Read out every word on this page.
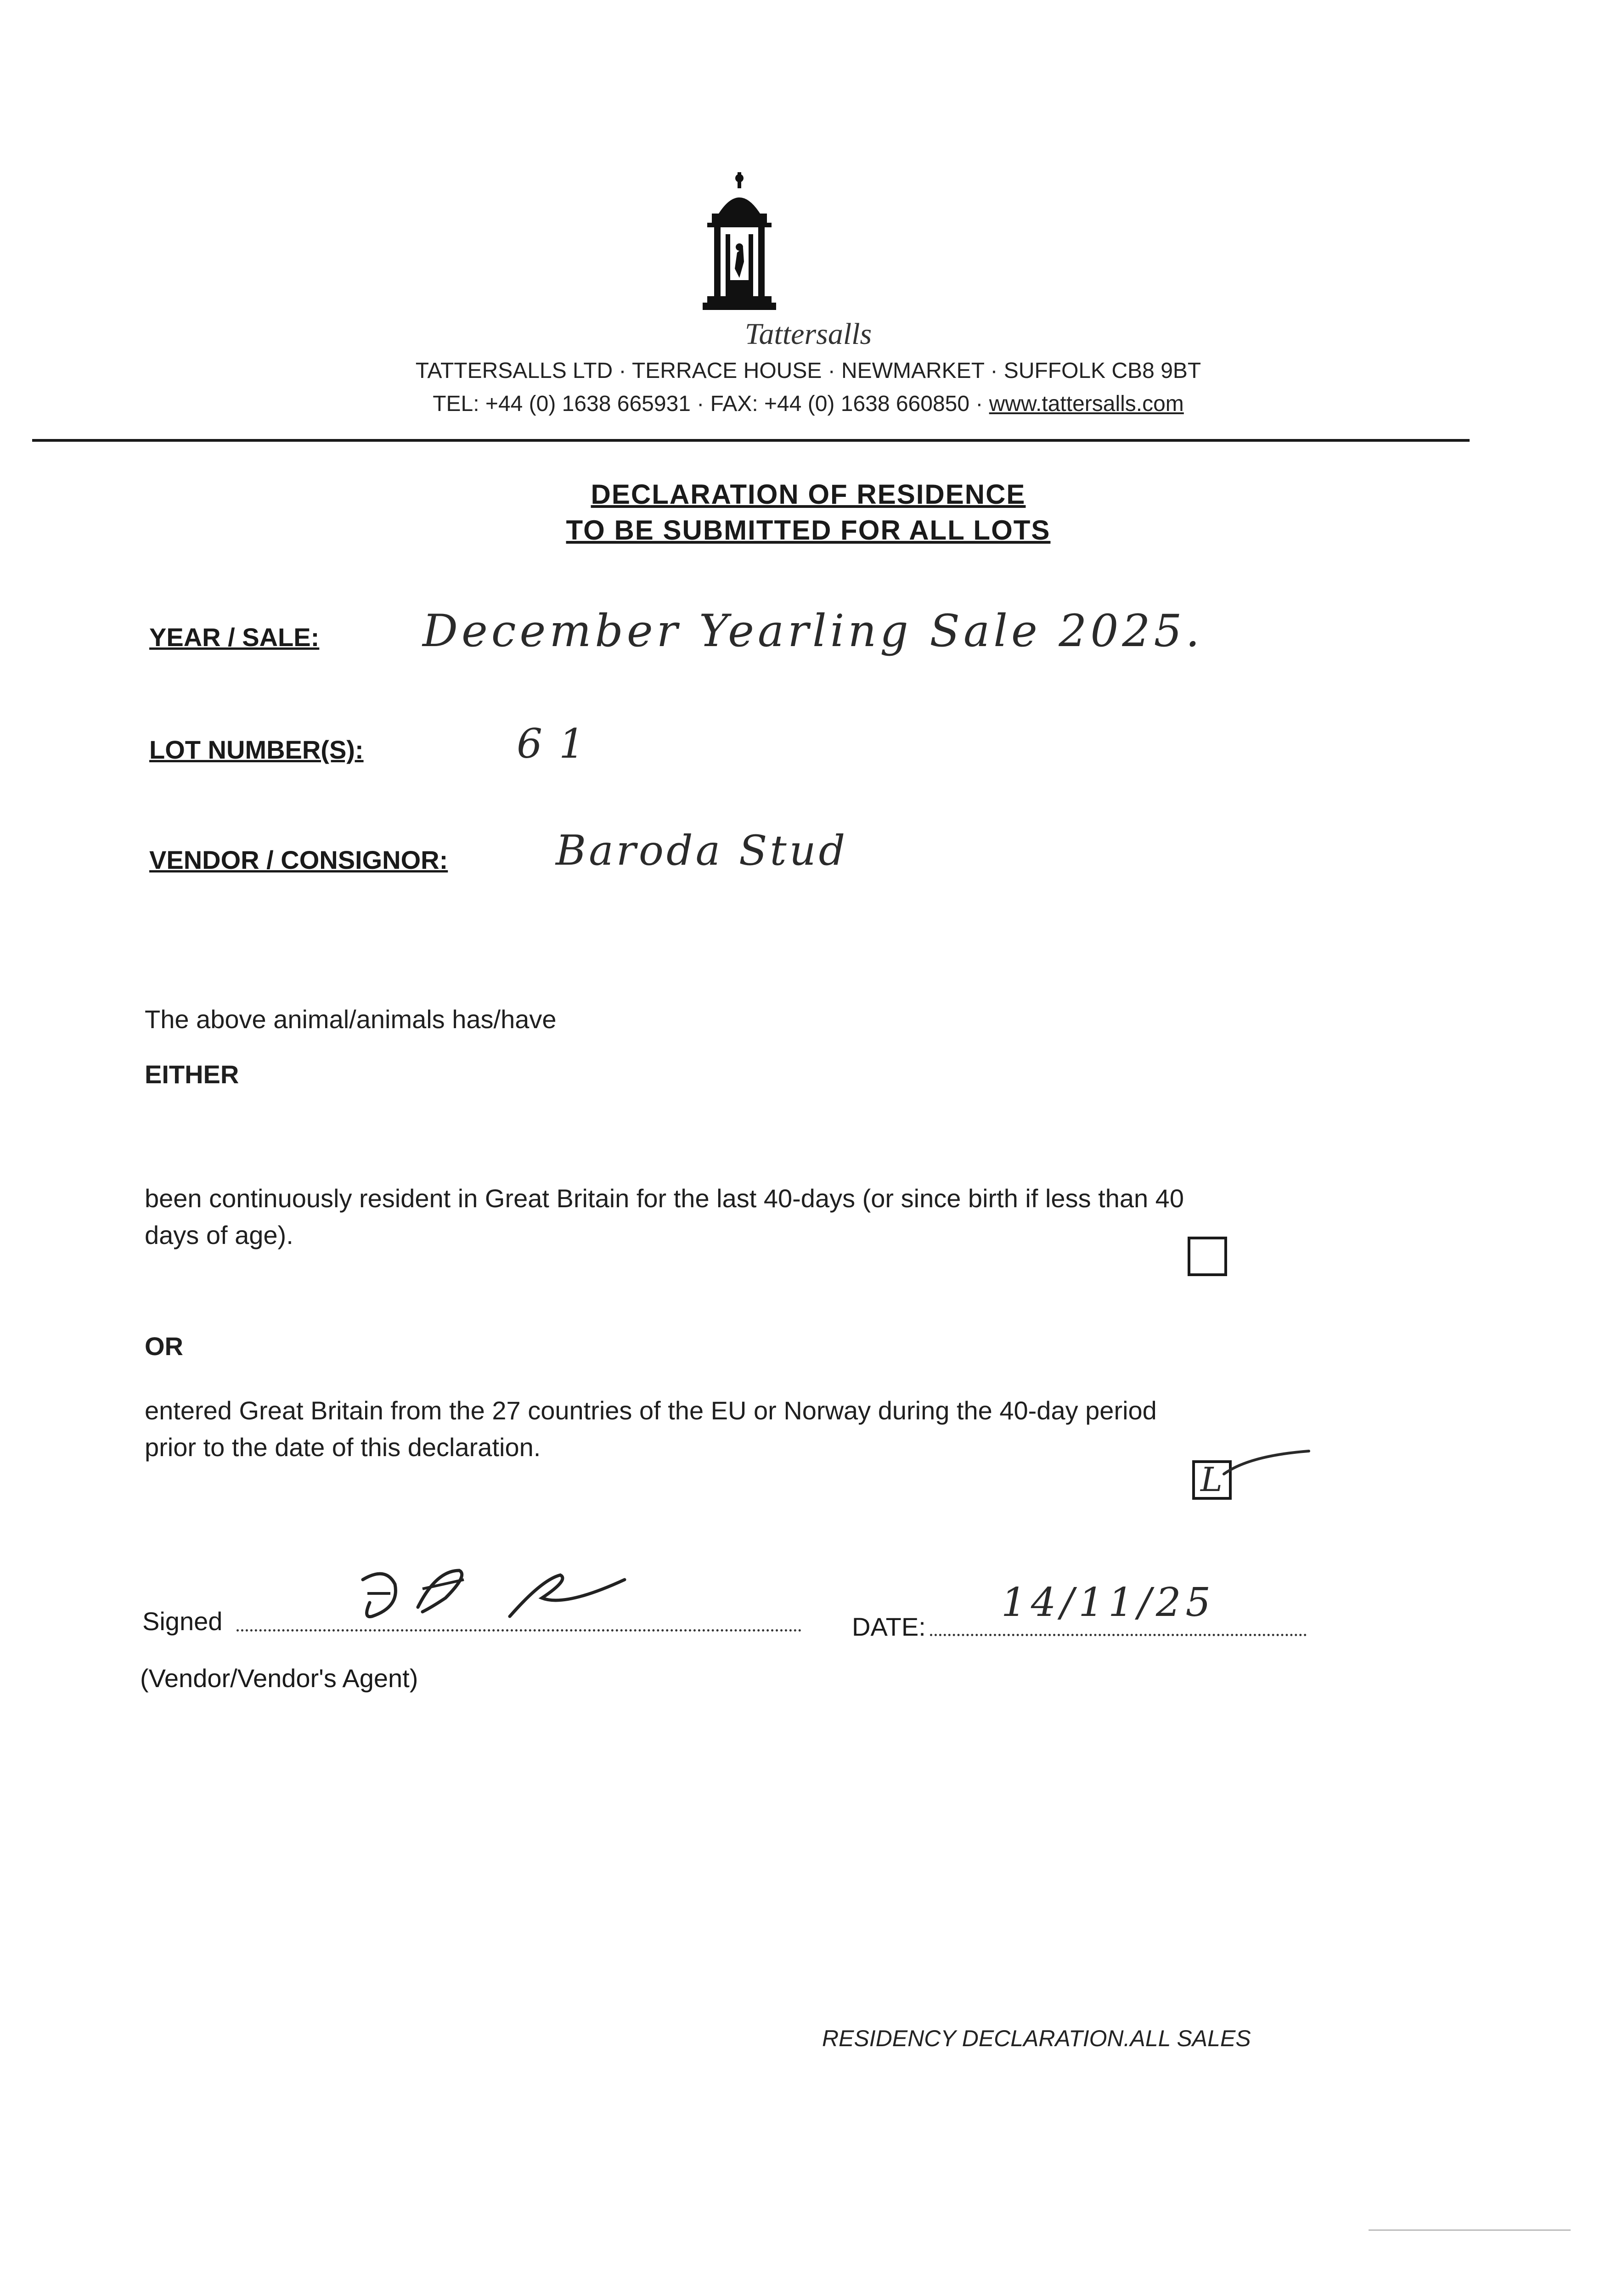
Tattersalls
TATTERSALLS LTD · TERRACE HOUSE · NEWMARKET · SUFFOLK CB8 9BT
TEL: +44 (0) 1638 665931 · FAX: +44 (0) 1638 660850 · www.tattersalls.com
DECLARATION OF RESIDENCE
TO BE SUBMITTED FOR ALL LOTS
YEAR / SALE: December Yearling Sale 2025.
LOT NUMBER(S):	61
VENDOR / CONSIGNOR:	Baroda Stud
The above animal/animals has/have
EITHER
been continuously resident in Great Britain for the last 40-days (or since birth if less than 40
days of age).
OR
entered Great Britain from the 27 countries of the EU or Norway during the 40-day period
prior to the date of this declaration.
L
Signed	DATE:
14/11/25
(Vendor/Vendor's Agent)
RESIDENCY DECLARATION.ALL SALES
